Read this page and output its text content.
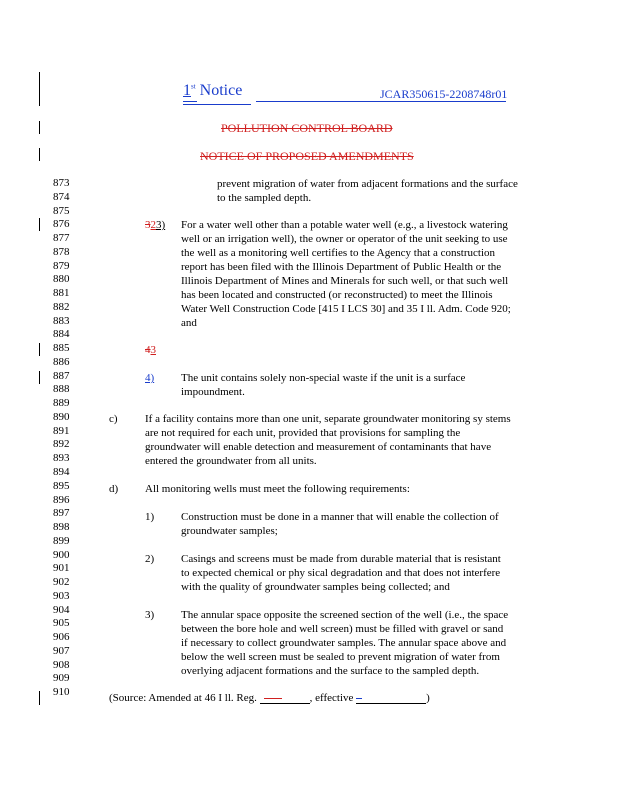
1st Notice	JCAR350615-2208748r01
POLLUTION CONTROL BOARD
NOTICE OF PROPOSED AMENDMENTS
873
874
875
876
877
878
879
880
881
882
883
884
885
886
887
888
889
890
891
892
893
894
895
896
897
898
899
900
901
902
903
904
905
906
907
908
909
910
prevent migration of water from adjacent formations and the surface
to the sampled depth.
323) For a water well other than a potable water well (e.g., a livestock watering
well or an irrigation well), the owner or operator of the unit seeking to use
the well as a monitoring well certifies to the Agency that a construction
report has been filed with the Illinois Department of Public Health or the
Illinois Department of Mines and Minerals for such well, or that such well
has been located and constructed (or reconstructed) to meet the Illinois
Water Well Construction Code [415 I LCS 30] and 35 I ll. Adm. Code 920;
and
43
4) The unit contains solely non-special waste if the unit is a surface
impoundment.
c) If a facility contains more than one unit, separate groundwater monitoring sy stems
are not required for each unit, provided that provisions for sampling the
groundwater will enable detection and measurement of contaminants that have
entered the groundwater from all units.
d) All monitoring wells must meet the following requirements:
1) Construction must be done in a manner that will enable the collection of
groundwater samples;
2) Casings and screens must be made from durable material that is resistant
to expected chemical or phy sical degradation and that does not interfere
with the quality of groundwater samples being collected; and
3) The annular space opposite the screened section of the well (i.e., the space
between the bore hole and well screen) must be filled with gravel or sand
if necessary to collect groundwater samples. The annular space above and
below the well screen must be sealed to prevent migration of water from
overlying adjacent formations and the surface to the sampled depth.
(Source: Amended at 46 I ll. Reg.	, effective	)
